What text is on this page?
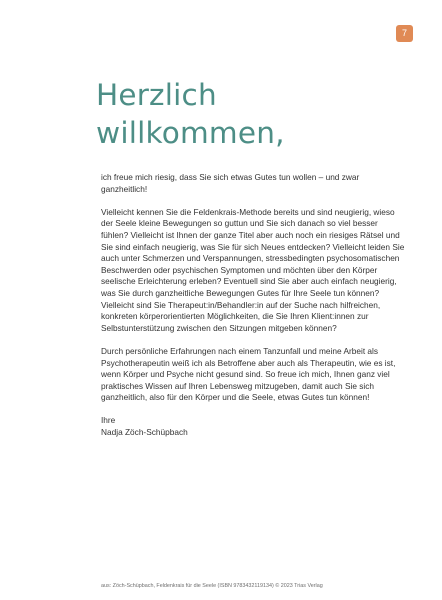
7
Herzlich
willkommen,

ich freue mich riesig, dass Sie sich etwas Gutes tun wollen – und zwar ganzheitlich!

Vielleicht kennen Sie die Feldenkrais-Methode bereits und sind neugierig, wieso der Seele kleine Bewegungen so guttun und Sie sich danach so viel besser fühlen? Vielleicht ist Ihnen der ganze Titel aber auch noch ein riesiges Rätsel und Sie sind einfach neugierig, was Sie für sich Neues entdecken? Vielleicht leiden Sie auch unter Schmerzen und Verspannungen, stressbedingten psychosomatischen Beschwerden oder psychischen Symptomen und möchten über den Körper seelische Erleichterung erleben? Eventuell sind Sie aber auch einfach neugierig, was Sie durch ganzheitliche Bewegungen Gutes für Ihre Seele tun können? Vielleicht sind Sie Therapeut:in/Behandler:in auf der Suche nach hilfreichen, konkreten körperorientierten Möglichkeiten, die Sie Ihren Klient:innen zur Selbstunterstützung zwischen den Sitzungen mitgeben können?

Durch persönliche Erfahrungen nach einem Tanzunfall und meine Arbeit als Psychotherapeutin weiß ich als Betroffene aber auch als Therapeutin, wie es ist, wenn Körper und Psyche nicht gesund sind. So freue ich mich, Ihnen ganz viel praktisches Wissen auf Ihren Lebensweg mitzugeben, damit auch Sie sich ganzheitlich, also für den Körper und die Seele, etwas Gutes tun können!

Ihre
Nadja Zöch-Schüpbach
aus: Zöch-Schüpbach, Feldenkrais für die Seele (ISBN 9783432119134) © 2023 Trias Verlag
